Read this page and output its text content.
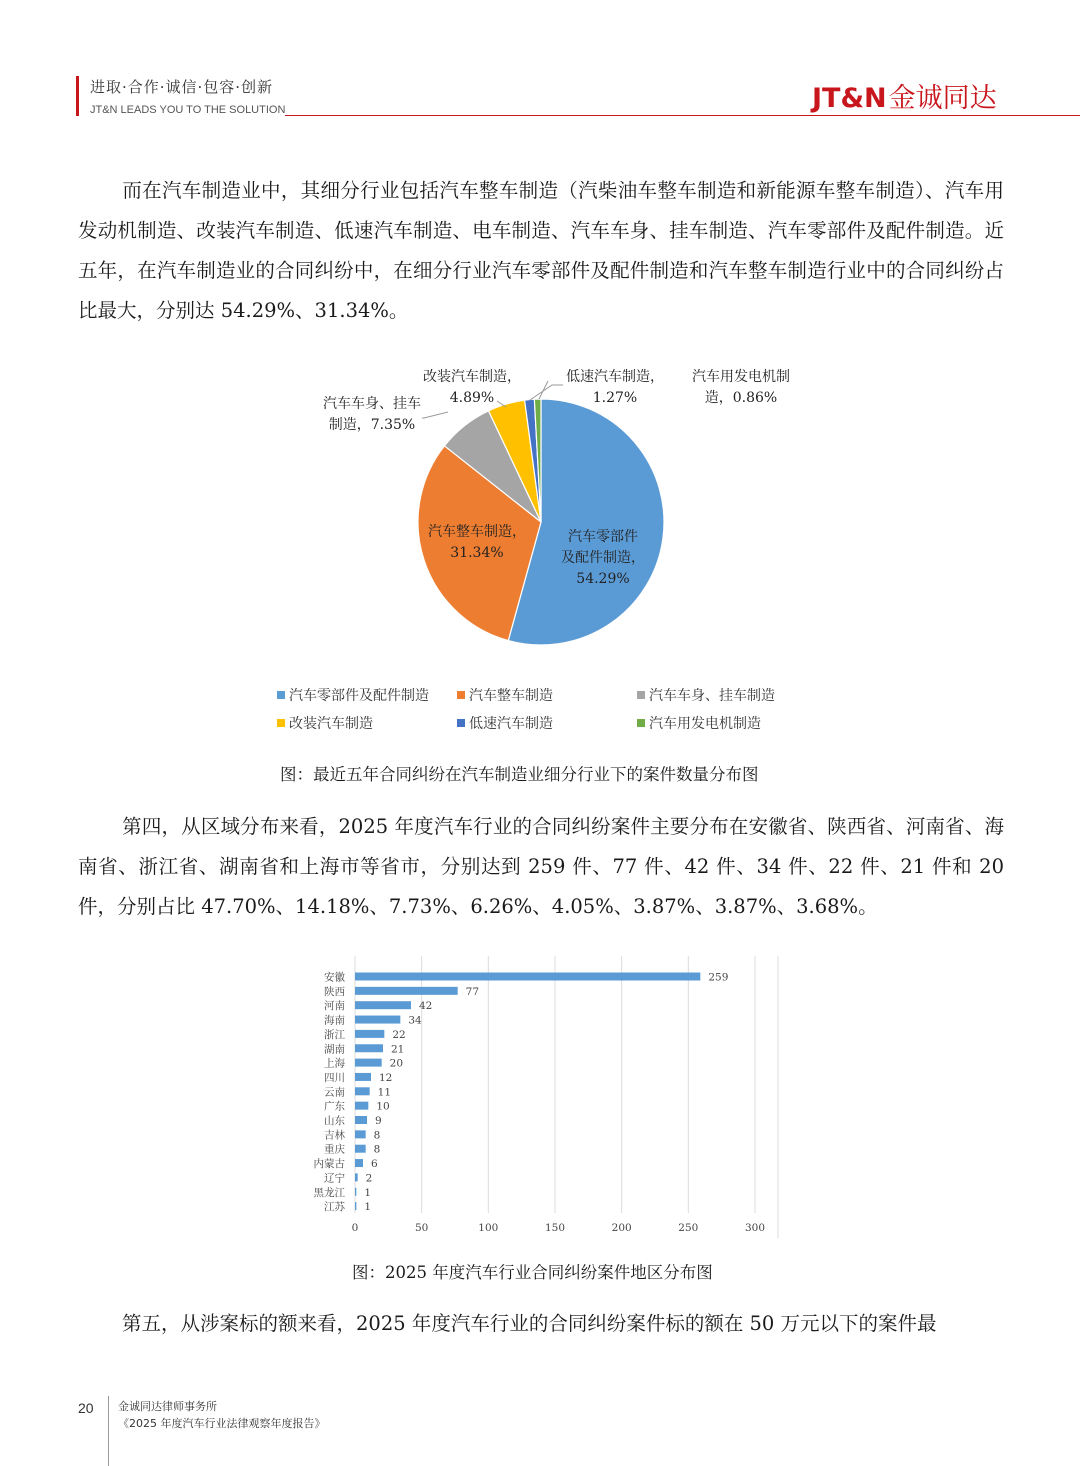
进取·合作·诚信·包容·创新
JT&N LEADS YOU TO THE SOLUTION	JT&N金诚同达
而在汽车制造业中，其细分行业包括汽车整车制造（汽柴油车整车制造和新能源车整车制造）、汽车用发动机制造、改装汽车制造、低速汽车制造、电车制造、汽车车身、挂车制造、汽车零部件及配件制造。近五年，在汽车制造业的合同纠纷中，在细分行业汽车零部件及配件制造和汽车整车制造行业中的合同纠纷占比最大，分别达 54.29%、31.34%。
汽车零部件及配件制造， 54.29%
汽车整车制造， 31.34%
汽车车身、挂车制造，7.35%
改装汽车制造， 4.89%
低速汽车制造， 1.27%
汽车用发电机制造，0.86%
汽车零部件及配件制造	汽车整车制造	汽车车身、挂车制造
改装汽车制造	低速汽车制造	汽车用发电机制造
图：最近五年合同纠纷在汽车制造业细分行业下的案件数量分布图
第四，从区域分布来看，2025 年度汽车行业的合同纠纷案件主要分布在安徽省、陕西省、河南省、海南省、浙江省、湖南省和上海市等省市，分别达到 259 件、77 件、42 件、34 件、22 件、21 件和 20 件，分别占比 47.70%、14.18%、7.73%、6.26%、4.05%、3.87%、3.87%、3.68%。
安徽
陕西
河南
海南
浙江
湖南
上海
四川
云南
广东
山东
吉林
重庆
内蒙古
辽宁
黑龙江
江苏
259
77
42
34
22
21
20
12
11
10
9
8
8
6
2
1
1
0	50	100	150	200	250	300
图：2025 年度汽车行业合同纠纷案件地区分布图
第五，从涉案标的额来看，2025 年度汽车行业的合同纠纷案件标的额在 50 万元以下的案件最
20 金诚同达律师事务所
《2025 年度汽车行业法律观察年度报告》
